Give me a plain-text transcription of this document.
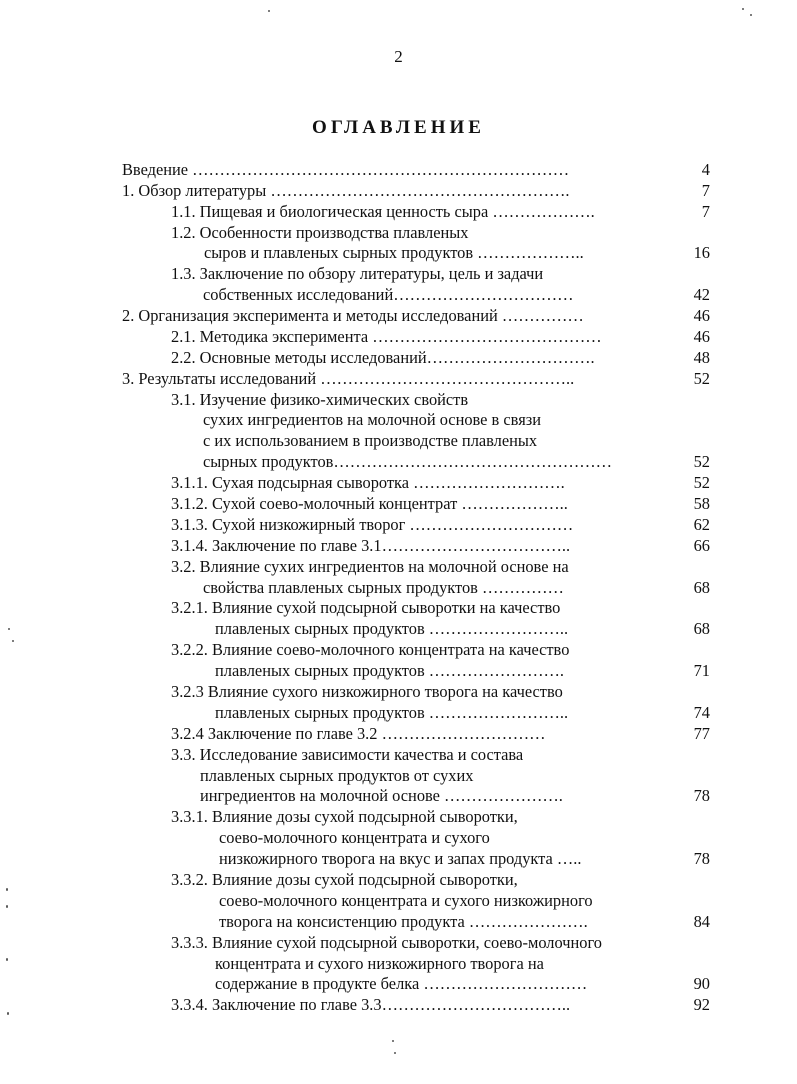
2
ОГЛАВЛЕНИЕ
Введение ……………………………………………………………	4
1. Обзор литературы ……………………………………………….	7
1.1. Пищевая и биологическая ценность сыра ……………….	7
1.2. Особенности производства плавленых
сыров и плавленых сырных продуктов ………………..	16
1.3. Заключение по обзору литературы, цель и задачи
собственных исследований……………………………	42
2. Организация эксперимента и методы исследований ……………	46
2.1. Методика эксперимента ……………………………………	46
2.2. Основные методы исследований………………………….	48
3. Результаты исследований ………………………………………..	52
3.1. Изучение физико-химических свойств
сухих ингредиентов на молочной основе в связи
с их использованием в производстве плавленых
сырных продуктов……………………………………………	52
3.1.1. Сухая подсырная сыворотка ……………………….	52
3.1.2. Сухой соево-молочный концентрат ………………..	58
3.1.3. Сухой низкожирный творог …………………………	62
3.1.4. Заключение по главе 3.1……………………………..	66
3.2. Влияние сухих ингредиентов на молочной основе на
свойства плавленых сырных продуктов ……………	68
3.2.1. Влияние сухой подсырной сыворотки на качество
плавленых сырных продуктов ……………………..	68
3.2.2. Влияние соево-молочного концентрата на качество
плавленых сырных продуктов …………………….	71
3.2.3 Влияние сухого низкожирного творога на качество
плавленых сырных продуктов ……………………..	74
3.2.4 Заключение по главе 3.2 …………………………	77
3.3. Исследование зависимости качества и состава
плавленых сырных продуктов от сухих
ингредиентов на молочной основе ………………….	78
3.3.1. Влияние дозы сухой подсырной сыворотки,
соево-молочного концентрата и сухого
низкожирного творога на вкус и запах продукта …..	78
3.3.2. Влияние дозы сухой подсырной сыворотки,
соево-молочного концентрата и сухого низкожирного
творога на консистенцию продукта ………………….	84
3.3.3. Влияние сухой подсырной сыворотки, соево-молочного
концентрата и сухого низкожирного творога на
содержание в продукте белка …………………………	90
3.3.4. Заключение по главе 3.3……………………………..	92
